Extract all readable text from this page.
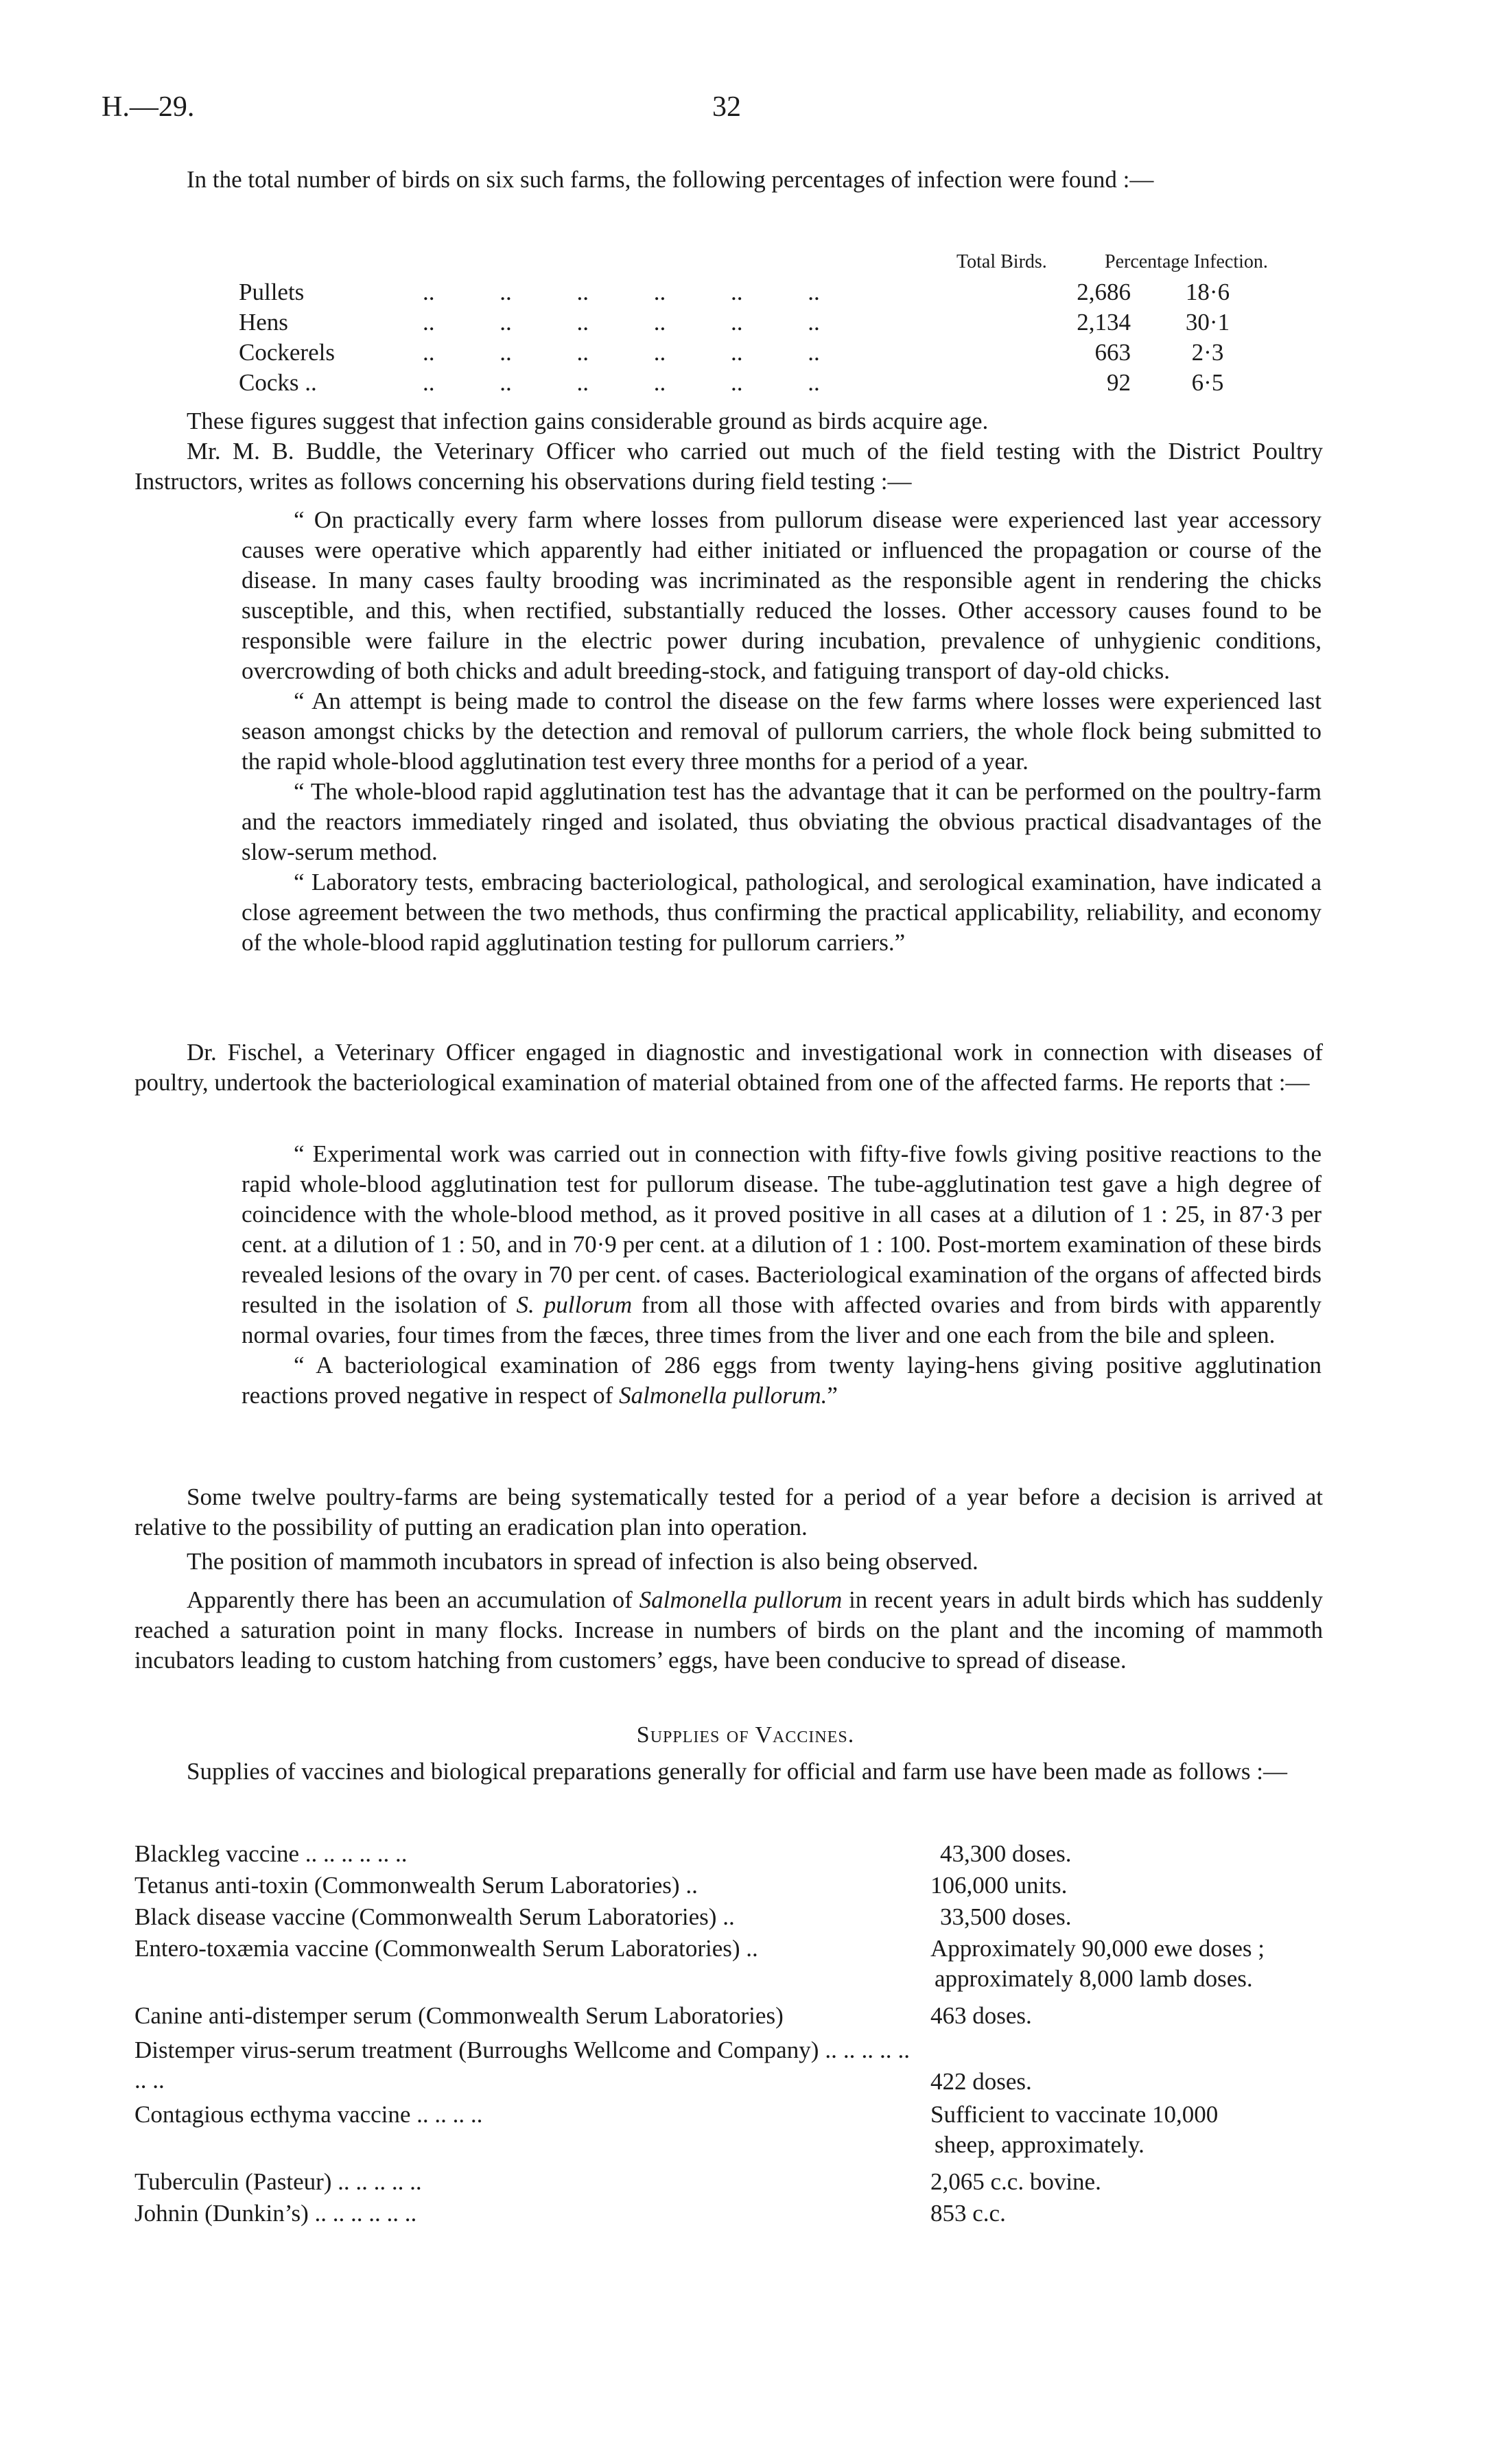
H.—29.	32
In the total number of birds on six such farms, the following percentages of infection were found :—
Total Birds.	Percentage Infection.
Pullets	.. .. .. .. .. ..	2,686	18·6
Hens	.. .. .. .. .. ..	2,134	30·1
Cockerels	.. .. .. .. .. ..	663	2·3
Cocks ..	.. .. .. .. .. ..	92	6·5
These figures suggest that infection gains considerable ground as birds acquire age.
Mr. M. B. Buddle, the Veterinary Officer who carried out much of the field testing with the District Poultry Instructors, writes as follows concerning his observations during field testing :—

“ On practically every farm where losses from pullorum disease were experienced last year accessory causes were operative which apparently had either initiated or influenced the propagation or course of the disease. In many cases faulty brooding was incriminated as the responsible agent in rendering the chicks susceptible, and this, when rectified, substantially reduced the losses. Other accessory causes found to be responsible were failure in the electric power during incubation, prevalence of unhygienic conditions, overcrowding of both chicks and adult breeding-stock, and fatiguing transport of day-old chicks.

“ An attempt is being made to control the disease on the few farms where losses were experienced last season amongst chicks by the detection and removal of pullorum carriers, the whole flock being submitted to the rapid whole-blood agglutination test every three months for a period of a year.

“ The whole-blood rapid agglutination test has the advantage that it can be performed on the poultry-farm and the reactors immediately ringed and isolated, thus obviating the obvious practical disadvantages of the slow-serum method.

“ Laboratory tests, embracing bacteriological, pathological, and serological examination, have indicated a close agreement between the two methods, thus confirming the practical applicability, reliability, and economy of the whole-blood rapid agglutination testing for pullorum carriers.”

Dr. Fischel, a Veterinary Officer engaged in diagnostic and investigational work in connection with diseases of poultry, undertook the bacteriological examination of material obtained from one of the affected farms. He reports that :—

“ Experimental work was carried out in connection with fifty-five fowls giving positive reactions to the rapid whole-blood agglutination test for pullorum disease. The tube-agglutination test gave a high degree of coincidence with the whole-blood method, as it proved positive in all cases at a dilution of 1 : 25, in 87·3 per cent. at a dilution of 1 : 50, and in 70·9 per cent. at a dilution of 1 : 100. Post-mortem examination of these birds revealed lesions of the ovary in 70 per cent. of cases. Bacteriological examination of the organs of affected birds resulted in the isolation of S. pullorum from all those with affected ovaries and from birds with apparently normal ovaries, four times from the fæces, three times from the liver and one each from the bile and spleen.

“ A bacteriological examination of 286 eggs from twenty laying-hens giving positive agglutination reactions proved negative in respect of Salmonella pullorum.”

Some twelve poultry-farms are being systematically tested for a period of a year before a decision is arrived at relative to the possibility of putting an eradication plan into operation.
The position of mammoth incubators in spread of infection is also being observed.
Apparently there has been an accumulation of Salmonella pullorum in recent years in adult birds which has suddenly reached a saturation point in many flocks. Increase in numbers of birds on the plant and the incoming of mammoth incubators leading to custom hatching from customers’ eggs, have been conducive to spread of disease.
Supplies of Vaccines.
Supplies of vaccines and biological preparations generally for official and farm use have been made as follows :—
Blackleg vaccine .. .. .. .. .. ..	43,300 doses.
Tetanus anti-toxin (Commonwealth Serum Laboratories) ..	106,000 units.
Black disease vaccine (Commonwealth Serum Laboratories) ..	33,500 doses.
Entero-toxæmia vaccine (Commonwealth Serum Laboratories) ..	Approximately 90,000 ewe doses ;
approximately 8,000 lamb doses.
Canine anti-distemper serum (Commonwealth Serum Laboratories)	463 doses.
Distemper virus-serum treatment (Burroughs Wellcome and Company) .. .. .. .. .. .. ..	422 doses.
Contagious ecthyma vaccine .. .. .. ..	Sufficient to vaccinate 10,000
sheep, approximately.
Tuberculin (Pasteur) .. .. .. .. ..	2,065 c.c. bovine.
Johnin (Dunkin’s) .. .. .. .. .. ..	853 c.c.
